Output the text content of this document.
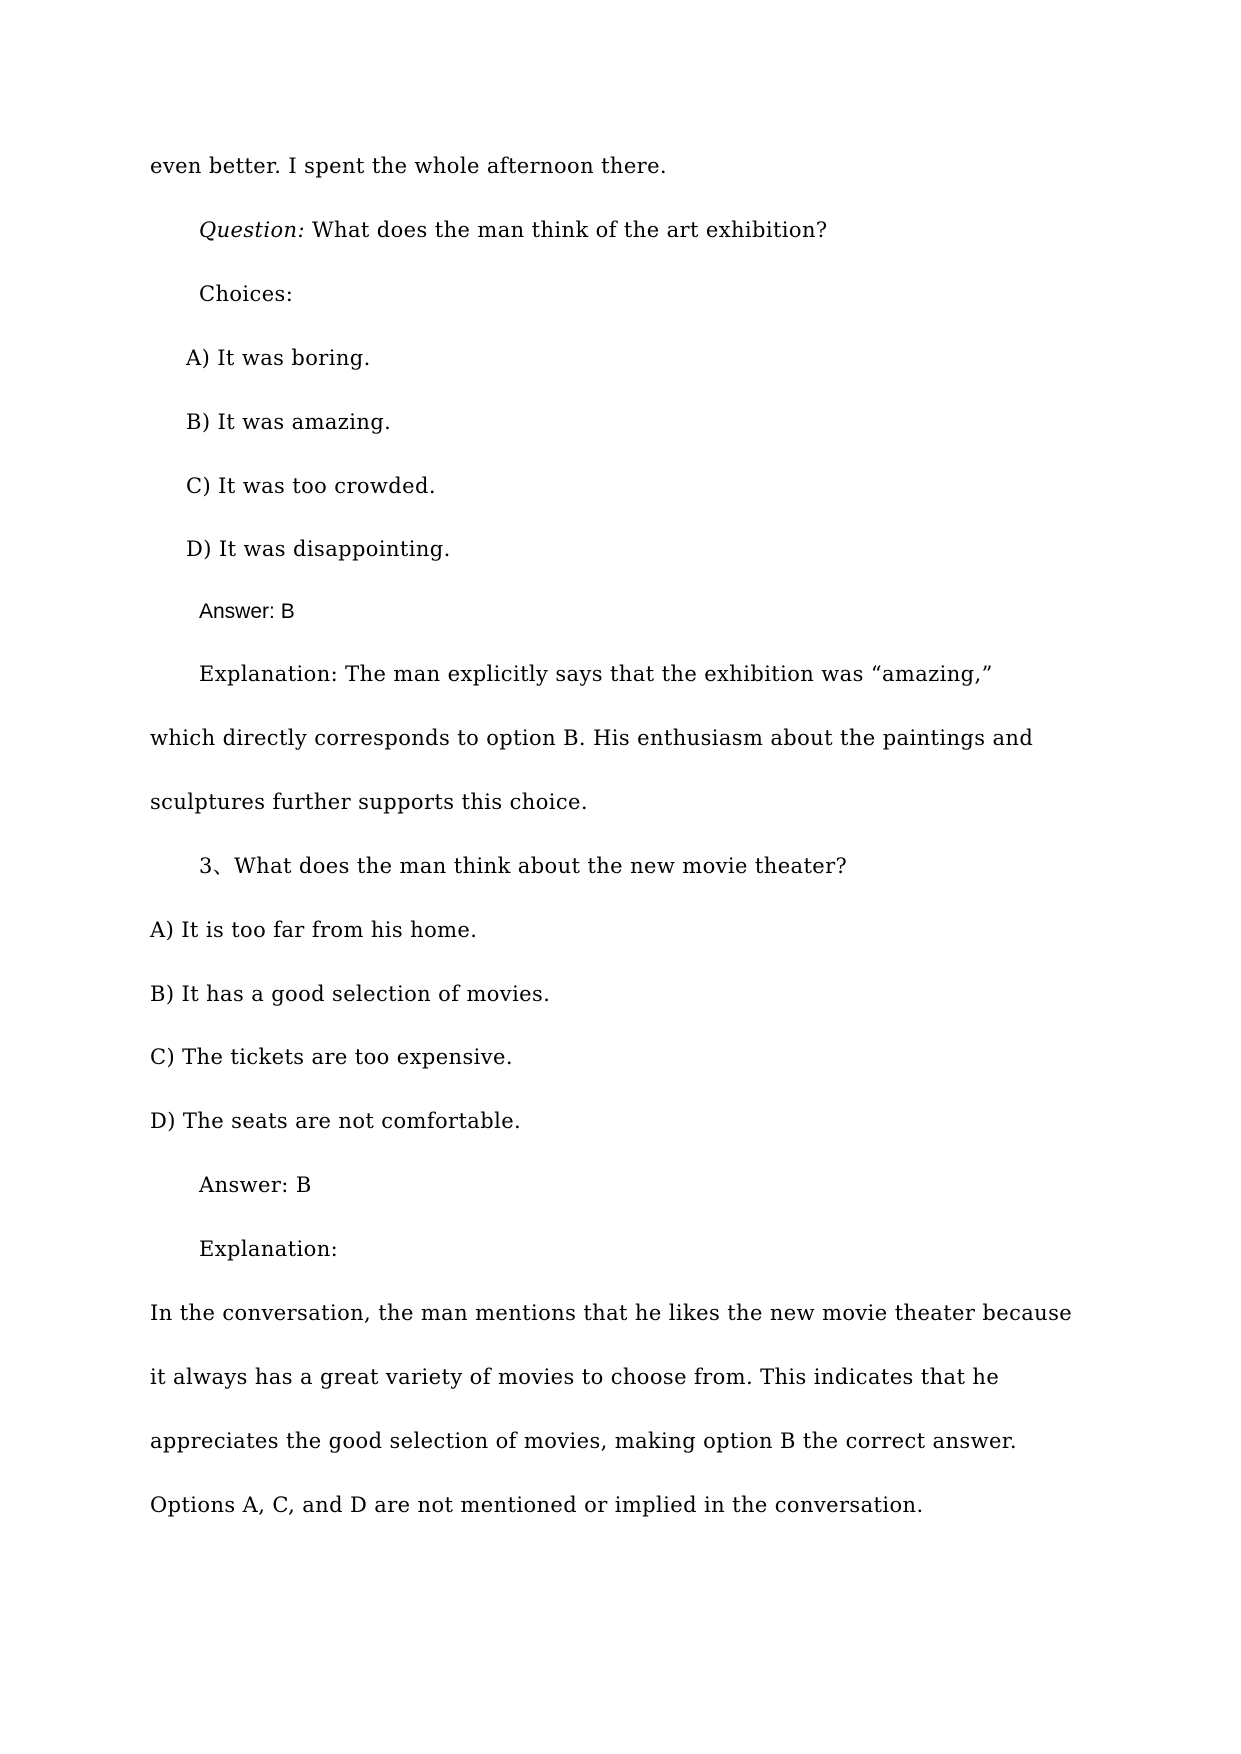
even better. I spent the whole afternoon there.
Question: What does the man think of the art exhibition?
Choices:
A) It was boring.
B) It was amazing.
C) It was too crowded.
D) It was disappointing.
Answer: B
Explanation: The man explicitly says that the exhibition was “amazing,”
which directly corresponds to option B. His enthusiasm about the paintings and
sculptures further supports this choice.
3、What does the man think about the new movie theater?
A) It is too far from his home.
B) It has a good selection of movies.
C) The tickets are too expensive.
D) The seats are not comfortable.
Answer: B
Explanation:
In the conversation, the man mentions that he likes the new movie theater because
it always has a great variety of movies to choose from. This indicates that he
appreciates the good selection of movies, making option B the correct answer.
Options A, C, and D are not mentioned or implied in the conversation.
